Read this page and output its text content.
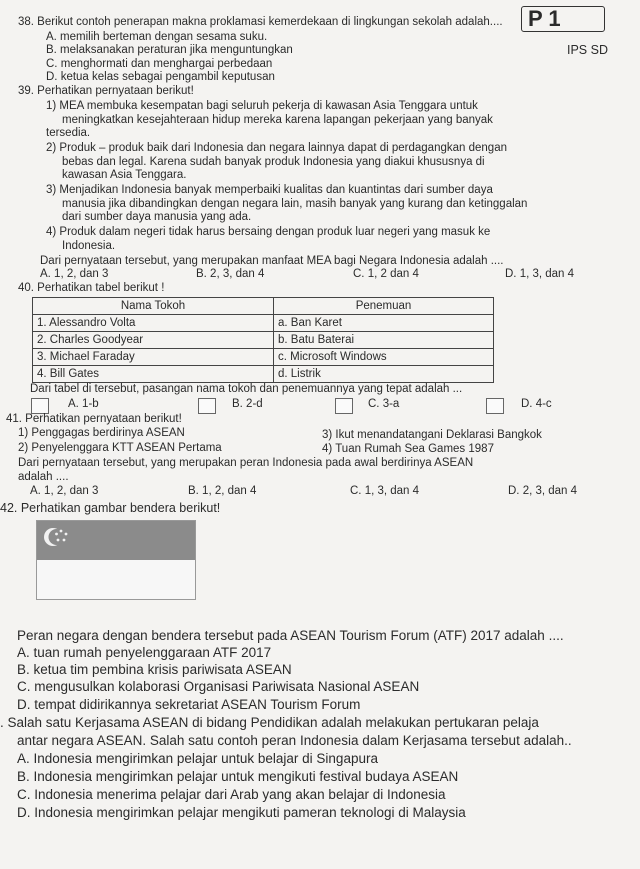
P 1
IPS SD
38. Berikut contoh penerapan makna proklamasi kemerdekaan di lingkungan sekolah adalah....
A. memilih berteman dengan sesama suku.
B. melaksanakan peraturan jika menguntungkan
C. menghormati dan menghargai perbedaan
D. ketua kelas sebagai pengambil keputusan
39. Perhatikan pernyataan berikut!
1) MEA membuka kesempatan bagi seluruh pekerja di kawasan Asia Tenggara untuk
meningkatkan kesejahteraan hidup mereka karena lapangan pekerjaan yang banyak
tersedia.
2) Produk – produk baik dari Indonesia dan negara lainnya dapat di perdagangkan dengan
bebas dan legal. Karena sudah banyak produk Indonesia yang diakui khususnya di
kawasan Asia Tenggara.
3) Menjadikan Indonesia banyak memperbaiki kualitas dan kuantintas dari sumber daya
manusia jika dibandingkan dengan negara lain, masih banyak yang kurang dan ketinggalan
dari sumber daya manusia yang ada.
4) Produk dalam negeri tidak harus bersaing dengan produk luar negeri yang masuk ke
Indonesia.
Dari pernyataan tersebut, yang merupakan manfaat MEA bagi Negara Indonesia adalah ....
A. 1, 2, dan 3	B. 2, 3, dan 4	C. 1, 2 dan 4	D. 1, 3, dan 4
40. Perhatikan tabel berikut !
Nama Tokoh	Penemuan
1. Alessandro Volta	a. Ban Karet
2. Charles Goodyear	b. Batu Baterai
3. Michael Faraday	c. Microsoft Windows
4. Bill Gates	d. Listrik
Dari tabel di tersebut, pasangan nama tokoh dan penemuannya yang tepat adalah ...
A. 1-b	B. 2-d	C. 3-a	D. 4-c
41. Perhatikan pernyataan berikut!
1) Penggagas berdirinya ASEAN	3) Ikut menandatangani Deklarasi Bangkok
2) Penyelenggara KTT ASEAN Pertama	4) Tuan Rumah Sea Games 1987
Dari pernyataan tersebut, yang merupakan peran Indonesia pada awal berdirinya ASEAN
adalah ....
A. 1, 2, dan 3	B. 1, 2, dan 4	C. 1, 3, dan 4	D. 2, 3, dan 4
42. Perhatikan gambar bendera berikut!
Peran negara dengan bendera tersebut pada ASEAN Tourism Forum (ATF) 2017 adalah ....
A. tuan rumah penyelenggaraan ATF 2017
B. ketua tim pembina krisis pariwisata ASEAN
C. mengusulkan kolaborasi Organisasi Pariwisata Nasional ASEAN
D. tempat didirikannya sekretariat ASEAN Tourism Forum
. Salah satu Kerjasama ASEAN di bidang Pendidikan adalah melakukan pertukaran pelaja
antar negara ASEAN. Salah satu contoh peran Indonesia dalam Kerjasama tersebut adalah..
A. Indonesia mengirimkan pelajar untuk belajar di Singapura
B. Indonesia mengirimkan pelajar untuk mengikuti festival budaya ASEAN
C. Indonesia menerima pelajar dari Arab yang akan belajar di Indonesia
D. Indonesia mengirimkan pelajar mengikuti pameran teknologi di Malaysia
